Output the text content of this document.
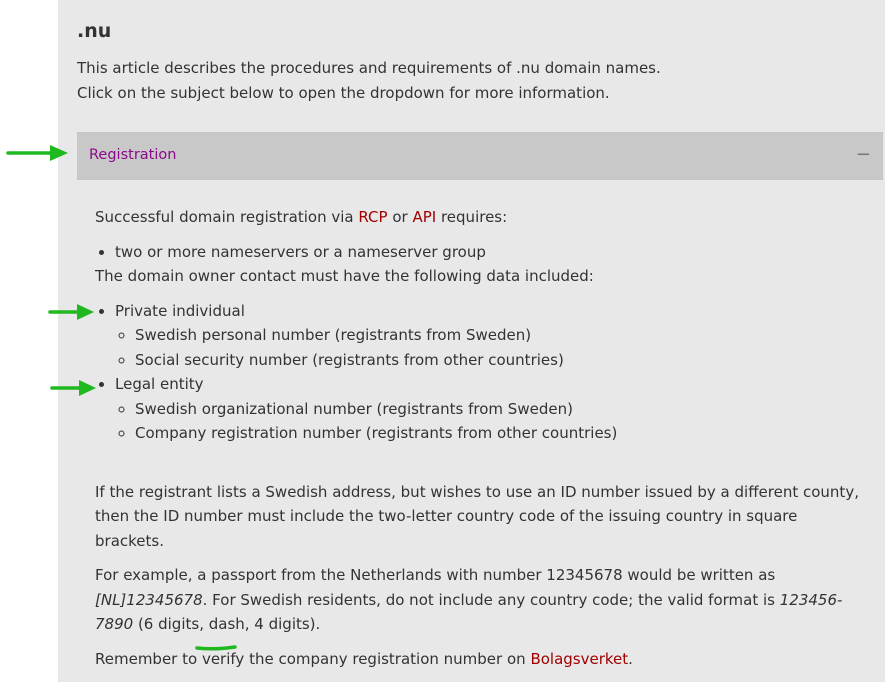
.nu

This article describes the procedures and requirements of .nu domain names.

Click on the subject below to open the dropdown for more information.

Registration	−

Successful domain registration via RCP or API requires:

• two or more nameservers or a nameserver group

The domain owner contact must have the following data included:

• Private individual
◦ Swedish personal number (registrants from Sweden)
◦ Social security number (registrants from other countries)
• Legal entity
◦ Swedish organizational number (registrants from Sweden)
◦ Company registration number (registrants from other countries)

If the registrant lists a Swedish address, but wishes to use an ID number issued by a different county, then the ID number must include the two-letter country code of the issuing country in square brackets.

For example, a passport from the Netherlands with number 12345678 would be written as [NL]12345678. For Swedish residents, do not include any country code; the valid format is 123456-7890 (6 digits, dash, 4 digits).

Remember to verify the company registration number on Bolagsverket.
